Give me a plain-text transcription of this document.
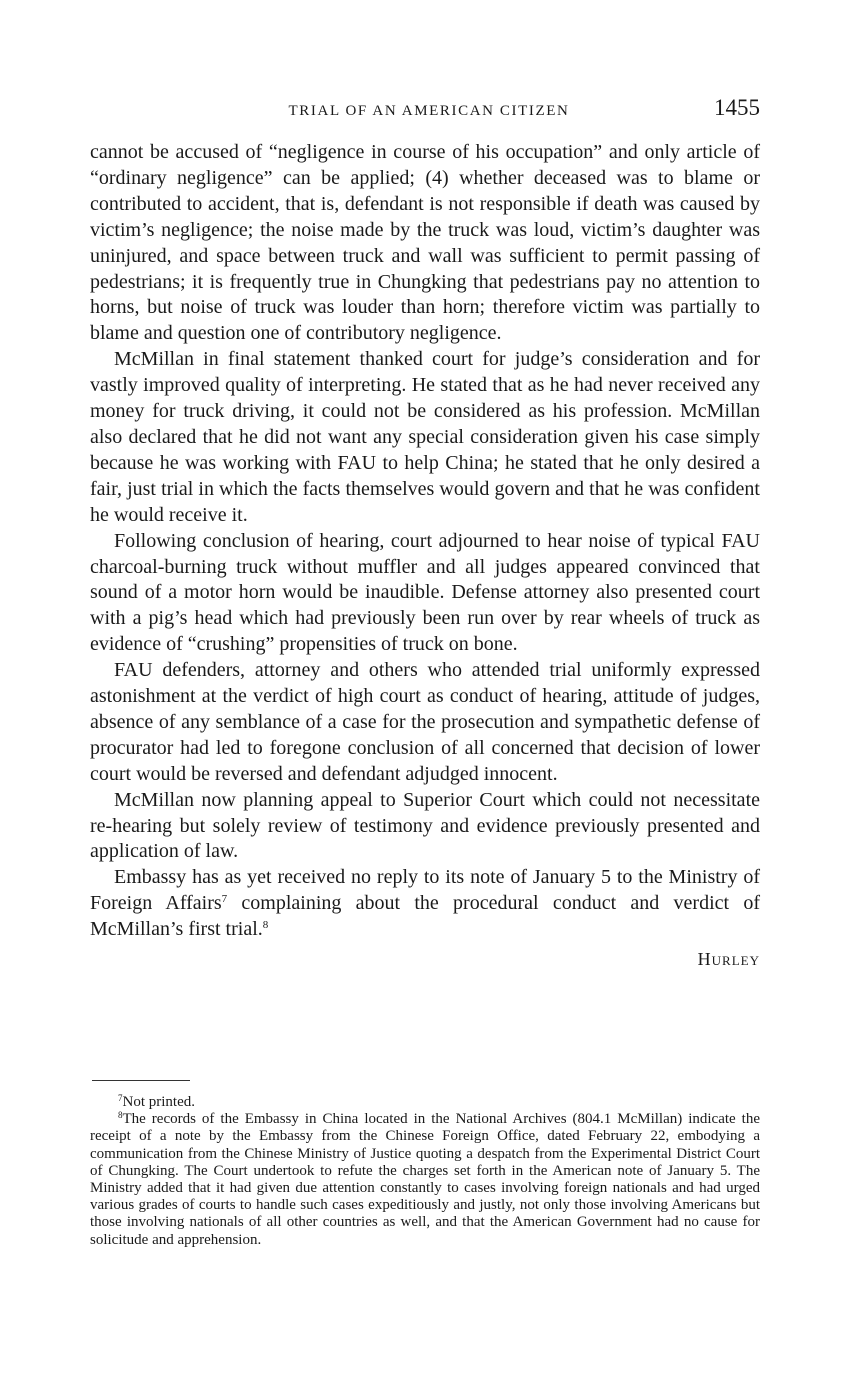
TRIAL OF AN AMERICAN CITIZEN	1455

cannot be accused of “negligence in course of his occupation” and only article of “ordinary negligence” can be applied; (4) whether deceased was to blame or contributed to accident, that is, defendant is not responsible if death was caused by victim’s negligence; the noise made by the truck was loud, victim’s daughter was uninjured, and space between truck and wall was sufficient to permit passing of pedestrians; it is frequently true in Chungking that pedestrians pay no attention to horns, but noise of truck was louder than horn; therefore victim was partially to blame and question one of contributory negligence.

McMillan in final statement thanked court for judge’s consideration and for vastly improved quality of interpreting. He stated that as he had never received any money for truck driving, it could not be considered as his profession. McMillan also declared that he did not want any special consideration given his case simply because he was working with FAU to help China; he stated that he only desired a fair, just trial in which the facts themselves would govern and that he was confident he would receive it.

Following conclusion of hearing, court adjourned to hear noise of typical FAU charcoal-burning truck without muffler and all judges appeared convinced that sound of a motor horn would be inaudible. Defense attorney also presented court with a pig’s head which had previously been run over by rear wheels of truck as evidence of “crushing” propensities of truck on bone.

FAU defenders, attorney and others who attended trial uniformly expressed astonishment at the verdict of high court as conduct of hearing, attitude of judges, absence of any semblance of a case for the prosecution and sympathetic defense of procurator had led to foregone conclusion of all concerned that decision of lower court would be reversed and defendant adjudged innocent.

McMillan now planning appeal to Superior Court which could not necessitate re-hearing but solely review of testimony and evidence previously presented and application of law.

Embassy has as yet received no reply to its note of January 5 to the Ministry of Foreign Affairs$^7$ complaining about the procedural conduct and verdict of McMillan’s first trial.$^8$

Hurley

$^7$Not printed.

$^8$The records of the Embassy in China located in the National Archives (804.1 McMillan) indicate the receipt of a note by the Embassy from the Chinese Foreign Office, dated February 22, embodying a communication from the Chinese Ministry of Justice quoting a despatch from the Experimental District Court of Chungking. The Court undertook to refute the charges set forth in the American note of January 5. The Ministry added that it had given due attention constantly to cases involving foreign nationals and had urged various grades of courts to handle such cases expeditiously and justly, not only those involving Americans but those involving nationals of all other countries as well, and that the American Government had no cause for solicitude and apprehension.
